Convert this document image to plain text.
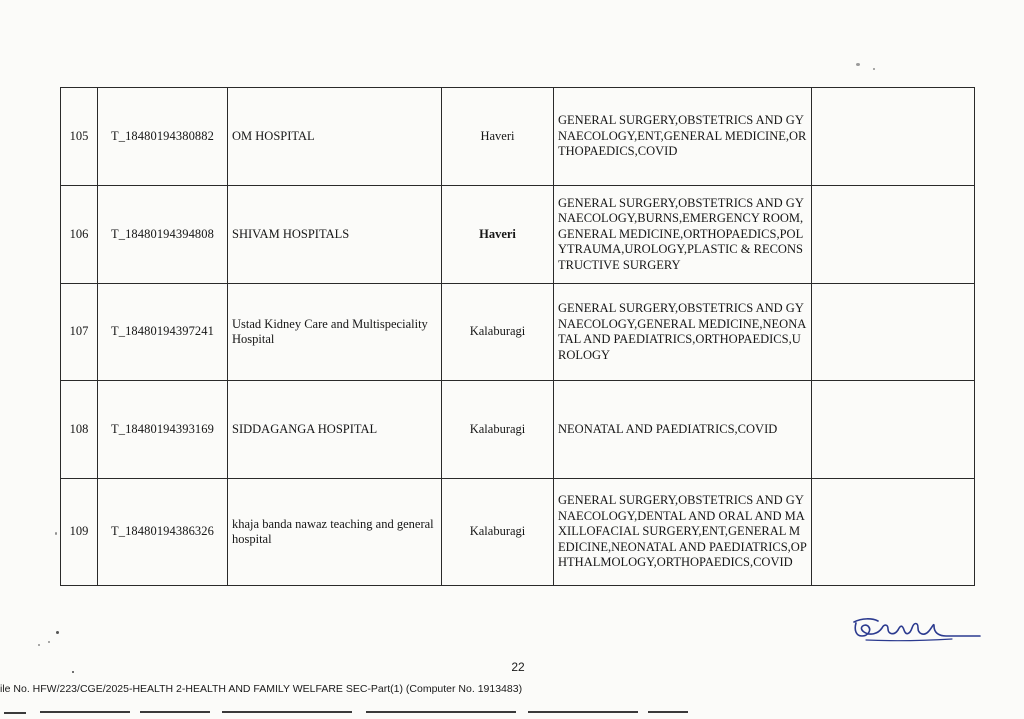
105	T_18480194380882	OM HOSPITAL	Haveri	GENERAL SURGERY,OBSTETRICS AND GYNAECOLOGY,ENT,GENERAL MEDICINE,ORTHOPAEDICS,COVID	
106	T_18480194394808	SHIVAM HOSPITALS	Haveri	GENERAL SURGERY,OBSTETRICS AND GYNAECOLOGY,BURNS,EMERGENCY ROOM,GENERAL MEDICINE,ORTHOPAEDICS,POLYTRAUMA,UROLOGY,PLASTIC & RECONSTRUCTIVE SURGERY	
107	T_18480194397241	Ustad Kidney Care and Multispeciality Hospital	Kalaburagi	GENERAL SURGERY,OBSTETRICS AND GYNAECOLOGY,GENERAL MEDICINE,NEONATAL AND PAEDIATRICS,ORTHOPAEDICS,UROLOGY	
108	T_18480194393169	SIDDAGANGA HOSPITAL	Kalaburagi	NEONATAL AND PAEDIATRICS,COVID	
109	T_18480194386326	khaja banda nawaz teaching and general hospital	Kalaburagi	GENERAL SURGERY,OBSTETRICS AND GYNAECOLOGY,DENTAL AND ORAL AND MAXILLOFACIAL SURGERY,ENT,GENERAL MEDICINE,NEONATAL AND PAEDIATRICS,OPHTHALMOLOGY,ORTHOPAEDICS,COVID	
22
ile No. HFW/223/CGE/2025-HEALTH 2-HEALTH AND FAMILY WELFARE SEC-Part(1) (Computer No. 1913483)
